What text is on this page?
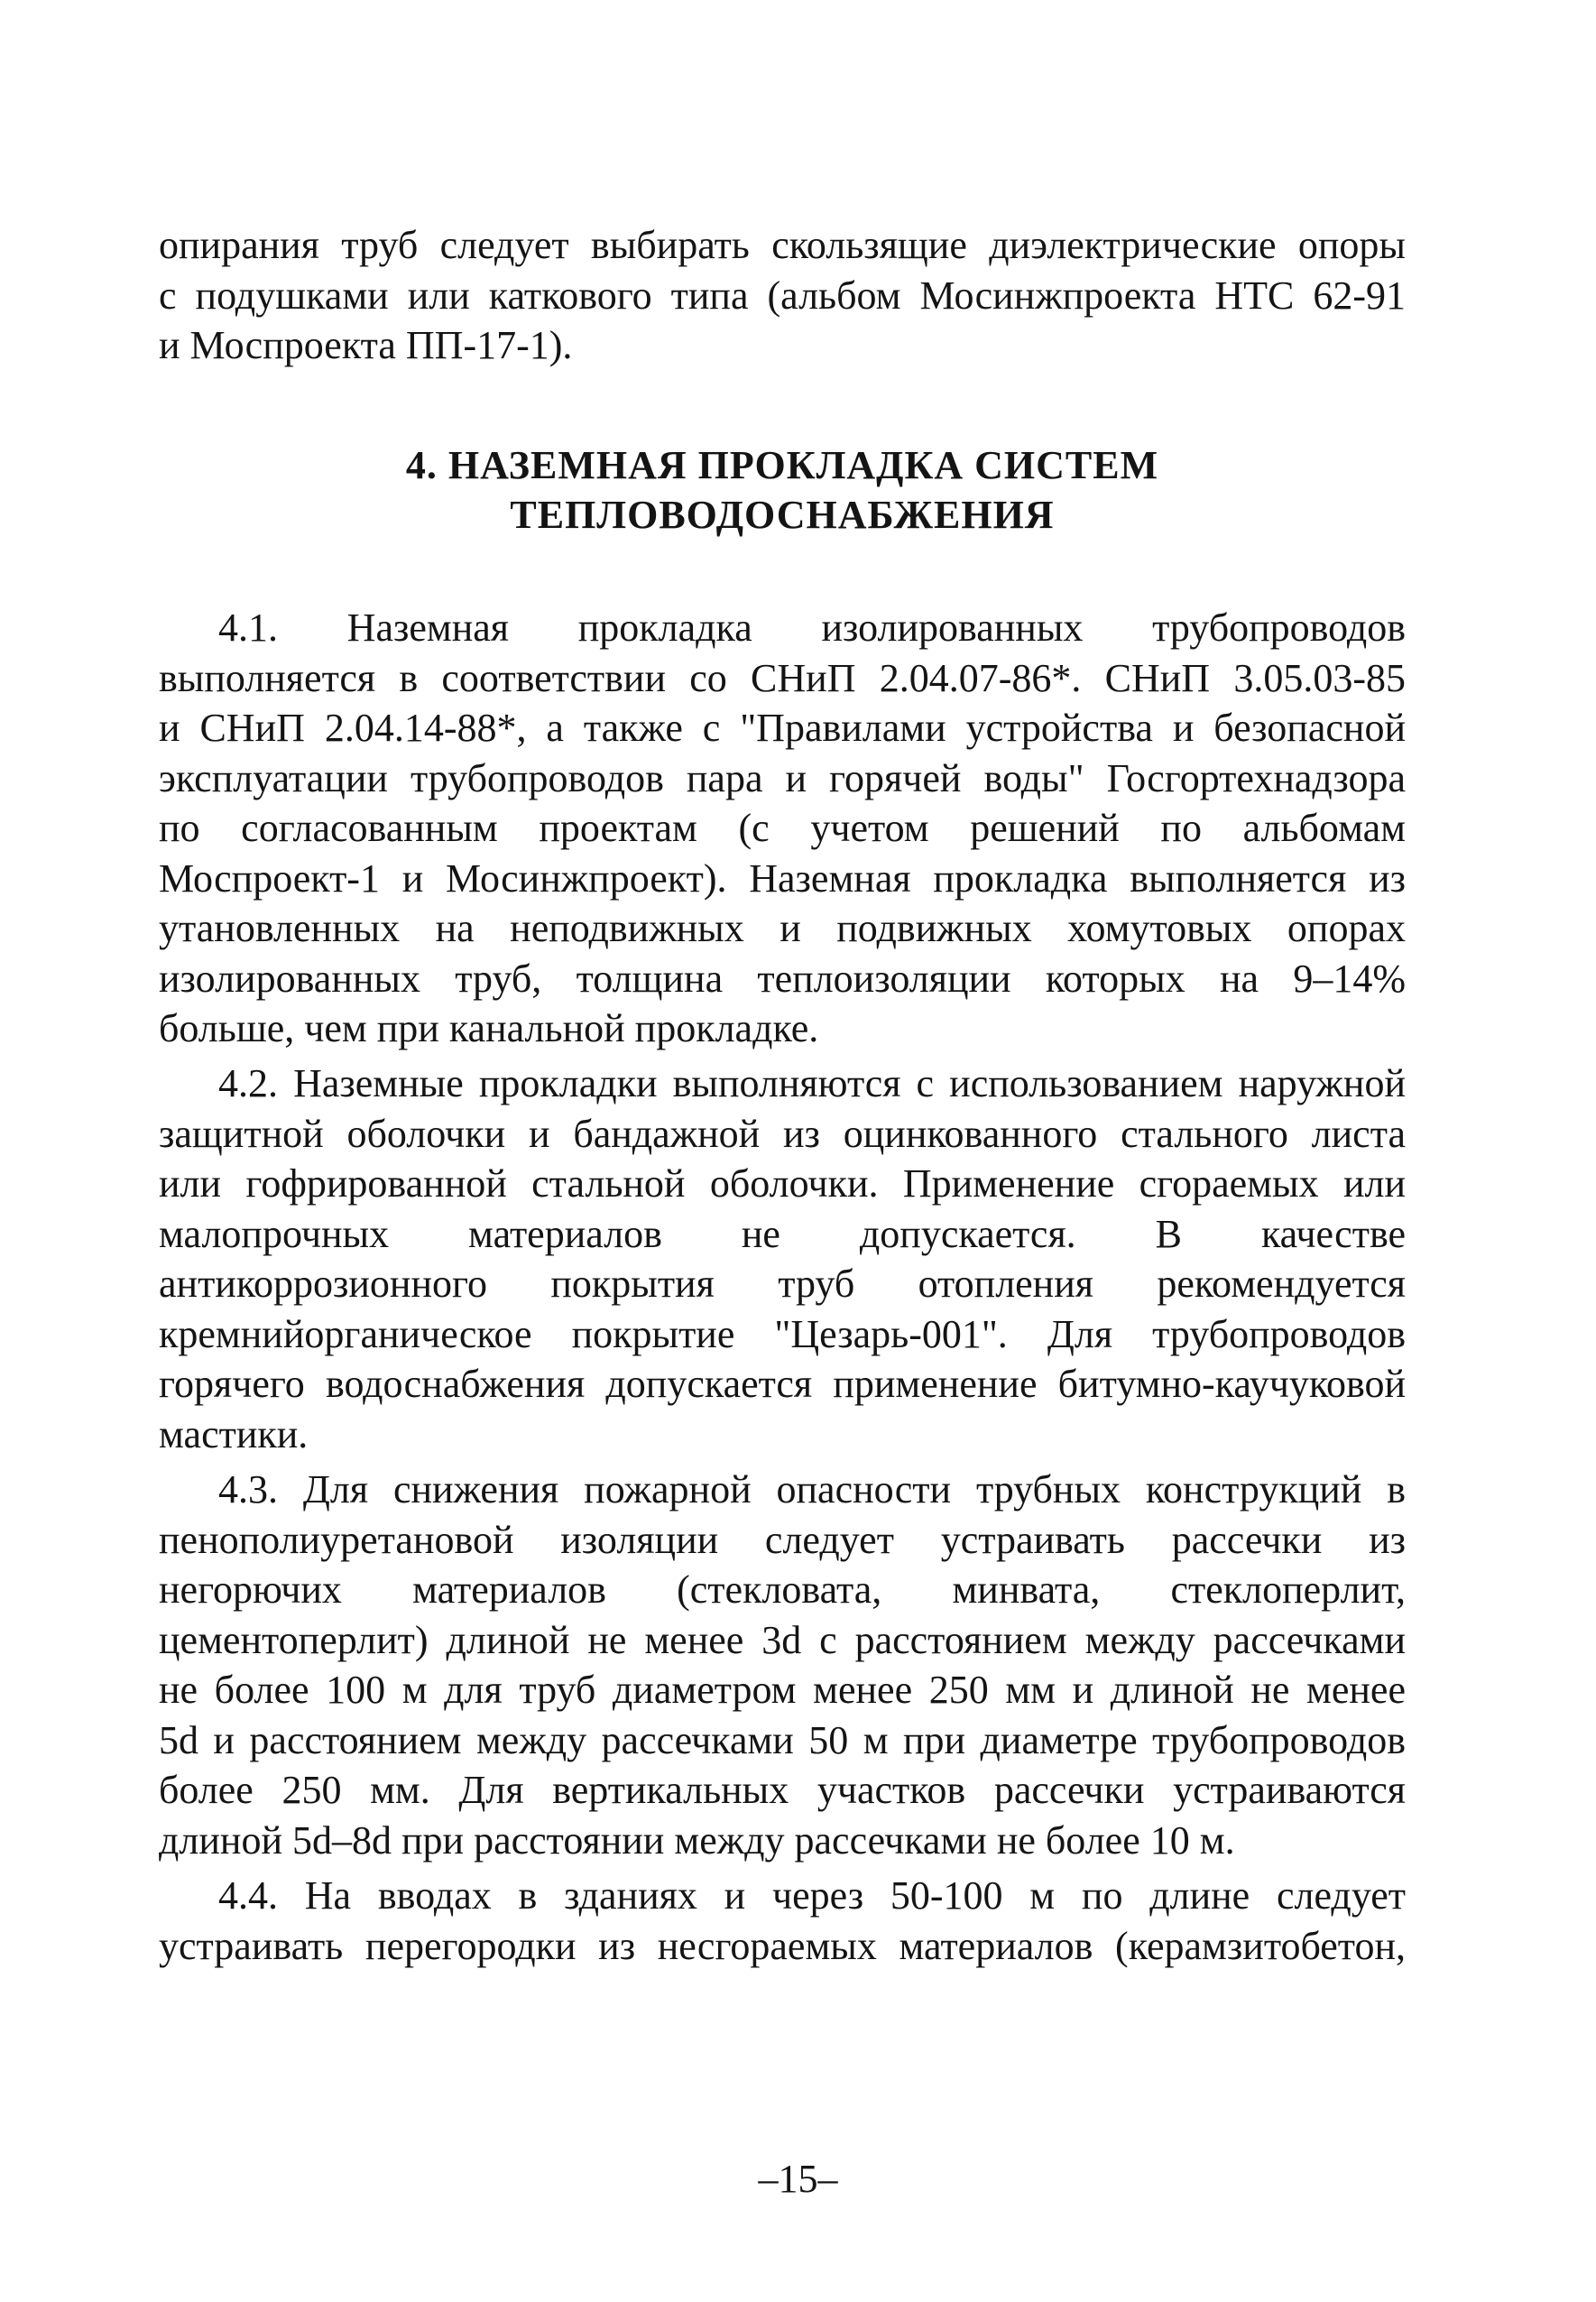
опирания труб следует выбирать скользящие диэлектрические опоры
с подушками или каткового типа (альбом Мосинжпроекта НТС 62-91
и Моспроекта ПП-17-1).
4. НАЗЕМНАЯ ПРОКЛАДКА СИСТЕМ
ТЕПЛОВОДОСНАБЖЕНИЯ
4.1. Наземная прокладка изолированных трубопроводов
выполняется в соответствии со СНиП 2.04.07-86*. СНиП 3.05.03-85
и СНиП 2.04.14-88*, а также с "Правилами устройства и безопасной
эксплуатации трубопроводов пара и горячей воды" Госгортехнадзора
по согласованным проектам (с учетом решений по альбомам
Моспроект-1 и Мосинжпроект). Наземная прокладка выполняется из
утановленных на неподвижных и подвижных хомутовых опорах
изолированных труб, толщина теплоизоляции которых на 9–14%
больше, чем при канальной прокладке.
4.2. Наземные прокладки выполняются с использованием наружной
защитной оболочки и бандажной из оцинкованного стального листа
или гофрированной стальной оболочки. Применение сгораемых или
малопрочных материалов не допускается. В качестве
антикоррозионного покрытия труб отопления рекомендуется
кремнийорганическое покрытие "Цезарь-001". Для трубопроводов
горячего водоснабжения допускается применение битумно-каучуковой
мастики.
4.3. Для снижения пожарной опасности трубных конструкций в
пенополиуретановой изоляции следует устраивать рассечки из
негорючих материалов (стекловата, минвата, стеклоперлит,
цементоперлит) длиной не менее 3d с расстоянием между рассечками
не более 100 м для труб диаметром менее 250 мм и длиной не менее
5d и расстоянием между рассечками 50 м при диаметре трубопроводов
более 250 мм. Для вертикальных участков рассечки устраиваются
длиной 5d–8d при расстоянии между рассечками не более 10 м.
4.4. На вводах в зданиях и через 50-100 м по длине следует
устраивать перегородки из несгораемых материалов (керамзитобетон,
–15–
